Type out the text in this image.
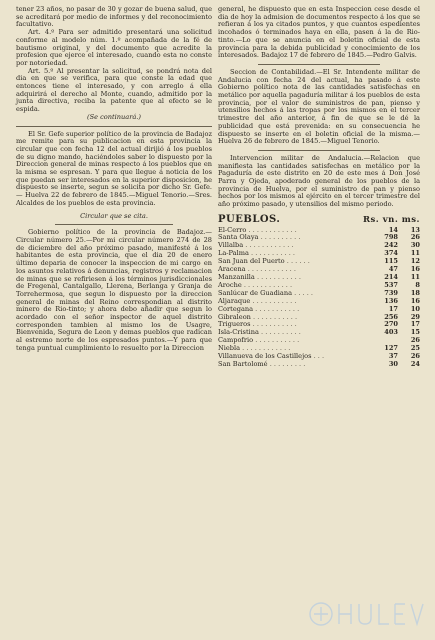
tener 23 años, no pasar de 30 y gozar de buena salud, que se acreditará por medio de informes y del reconocimiento facultativo.

Art. 4.º Para ser admitido presentará una solicitud conforme al modelo núm. 1.º acompañada de la fé de bautismo original, y del documento que acredite la profesion que ejerce el interesado, cuando esta no conste por notoriedad.

Art. 5.º Al presentar la solicitud, se pondrá nota del dia en que se verifica, para que conste la edad que entonces tiene el interesado, y con arreglo á ella adquirirá el derecho al Monte, cuando, admitido por la junta directiva, reciba la patente que al efecto se le espida.

(Se continuará.)

El Sr. Gefe superior político de la provincia de Badajoz me remite para su publicacion en esta provincia la circular que con fecha 12 del actual dirijió á los pueblos de su digno mando, haciéndoles saber lo dispuesto por la Direccion general de minas respecto á los pueblos que en la misma se espresan. Y para que llegue á noticia de los que puedan ser interesados en la superior disposicion, he dispuesto se inserte, segun se solicita por dicho Sr. Gefe.— Huelva 22 de febrero de 1845.—Miguel Tenorio.—Sres. Alcaldes de los pueblos de esta provincia.

Circular que se cita.

Gobierno político de la provincia de Badajoz.—Circular número 25.—Por mi circular número 274 de 28 de diciembre del año próximo pasado, manifesté á los habitantes de esta provincia, que el dia 20 de enero último deparia de conocer la inspeccion de mi cargo en los asuntos relativos á denuncias, registros y reclamacion de minas que se refiriesen á los términos jurisdiccionales de Fregenal, Cantalgallo, Llerena, Berlanga y Granja de Torrehermosa, que segun lo dispuesto por la direccion general de minas del Reino correspondian al distrito minero de Rio-tinto; y ahora debo añadir que segun lo acordado con el señor inspector de aquel distrito corresponden tambien al mismo los de Usagre, Bienvenida, Segura de Leon y demas pueblos que radican al estremo norte de los espresados puntos.—Y para que tenga puntual cumplimiento lo resuelto por la Direccion

general, he dispuesto que en esta Inspeccion cese desde el dia de hoy la admision de documentos respecto á los que se refieran á los ya citados puntos, y que cuantos espedientes incohados ó terminados haya en ella, pasen á la de Rio-tinto.—Lo que se anuncia en el boletin oficial de esta provincia para la debida publicidad y conocimiento de los interesados. Badajoz 17 de febrero de 1845.—Pedro Galvis.

Seccion de Contabilidad.—El Sr. Intendente militar de Andalucia con fecha 24 del actual, ha pasado á este Gobierno político nota de las cantidades satisfechas en metálico por aquella pagaduría militar á los pueblos de esta provincia, por el valor de suministros de pan, pienso y utensilios hechos á las tropas por los mismos en el tercer trimestre del año anterior, á fin de que se le dé la publicidad que está prevenida: en su consecuencia he dispuesto se inserte en el boletin oficial de la misma.—Huelva 26 de febrero de 1845.—Miguel Tenorio.

Intervencion militar de Andalucia.—Relacion que manifiesta las cantidades satisfechas en metálico por la Pagaduría de este distrito en 20 de este mes á Don José Parra y Ojeda, apoderado general de los pueblos de la provincia de Huelva, por el suministro de pan y pienso hechos por los mismos al ejército en el tercer trimestre del año próximo pasado, y utensilios del mismo periodo.

PUEBLOS.	Rs. vn. ms.
El-Cerro . . . . . . . . . . . .	14	13
Santa Olaya . . . . . . . . . .	798	26
Villalba . . . . . . . . . . . .	242	30
La-Palma . . . . . . . . . . .	374	11
San Juan del Puerto . . . . . .	115	12
Aracena . . . . . . . . . . . .	47	16
Manzanilla . . . . . . . . . . .	214	11
Aroche . . . . . . . . . . . .	537	8
Sanlúcar de Guadiana . . . . .	739	18
Aljaraque . . . . . . . . . . .	136	16
Cortegana . . . . . . . . . . .	17	10
Gibraleon . . . . . . . . . . .	256	29
Trigueros . . . . . . . . . . .	270	17
Isla-Cristina . . . . . . . . . .	403	15
Campofrio . . . . . . . . . . .		26
Niebla . . . . . . . . . . . .	127	25
Villanueva de los Castillejos . . .	37	26
San Bartolomé . . . . . . . . .	30	24
